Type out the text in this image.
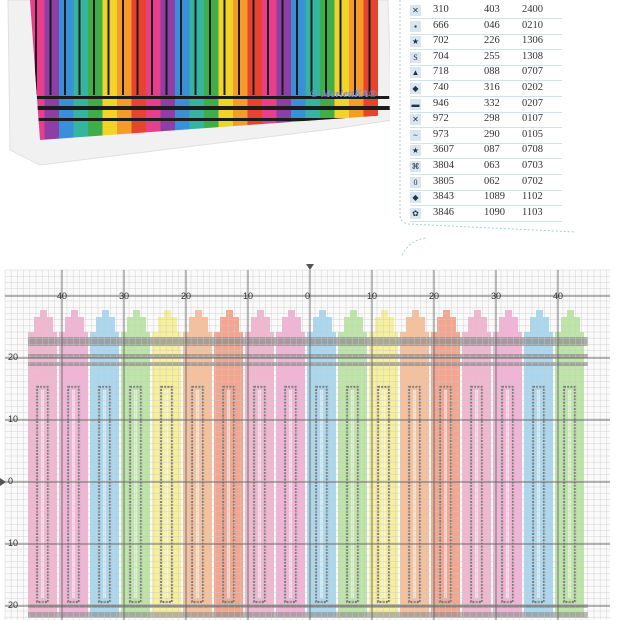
© MerlettKA®
✕ 310	403 2400
▪	666	046 0210
★ 702	226 1306
S	704	255 1308
▲ 718	088 0707
◆ 740	316 0202
▬ 946	332 0207
✕ 972	298 0107
~	973	290 0105
★ 3607	087 0708
⌘ 3804	063 0703
0	3805	062 0702
◆ 3843	1089 1102
✿ 3846	1090 1103
40	30	20	10	0	10	20	30	40
20
10
0
10
20
